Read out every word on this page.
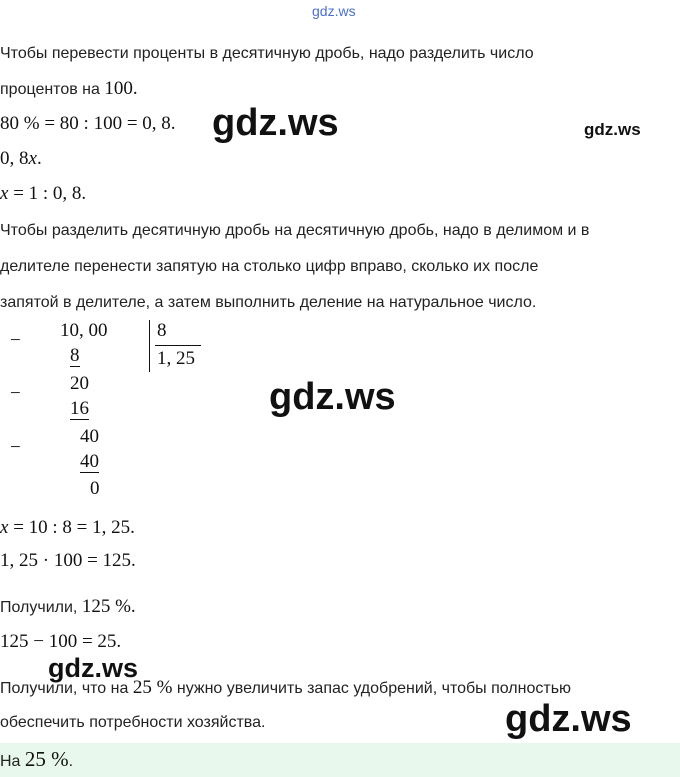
gdz.ws
Чтобы перевести проценты в десятичную дробь, надо разделить число
процентов на 100.
80 % = 80 : 100 = 0, 8.
0, 8x.
x = 1 : 0, 8.
Чтобы разделить десятичную дробь на десятичную дробь, надо в делимом и в
делителе перенести запятую на столько цифр вправо, сколько их после
запятой в делителе, а затем выполнить деление на натуральное число.
−
−
−
10, 00
8
20
16
40
40
0
8
1, 25
x = 10 : 8 = 1, 25.
1, 25 · 100 = 125.
Получили, 125 %.
125 − 100 = 25.
Получили, что на 25 % нужно увеличить запас удобрений, чтобы полностью
обеспечить потребности хозяйства.
На 25 %.
gdz.ws	gdz.ws
gdz.ws
gdz.ws
gdz.ws
